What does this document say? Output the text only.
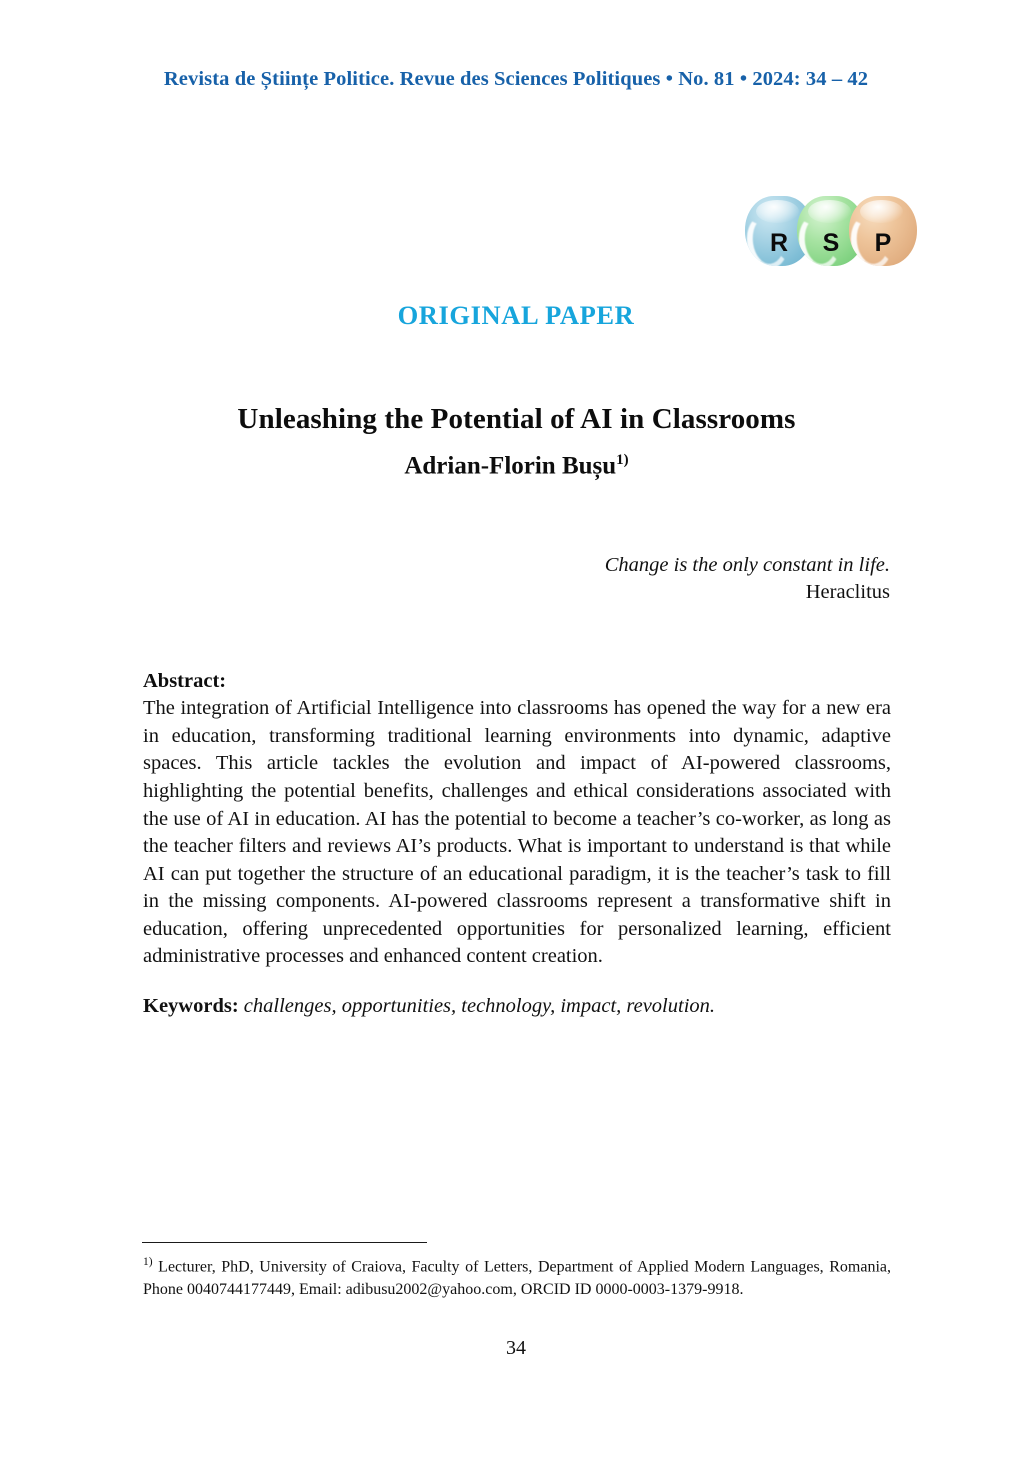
Revista de Științe Politice. Revue des Sciences Politiques • No. 81 • 2024: 34 – 42
R	S	P
ORIGINAL PAPER
Unleashing the Potential of AI in Classrooms
Adrian-Florin Bușu$^{1)}$
Change is the only constant in life.
Heraclitus
Abstract:

The integration of Artificial Intelligence into classrooms has opened the way for a new era in education, transforming traditional learning environments into dynamic, adaptive spaces. This article tackles the evolution and impact of AI-powered classrooms, highlighting the potential benefits, challenges and ethical considerations associated with the use of AI in education. AI has the potential to become a teacher’s co-worker, as long as the teacher filters and reviews AI’s products. What is important to understand is that while AI can put together the structure of an educational paradigm, it is the teacher’s task to fill in the missing components. AI-powered classrooms represent a transformative shift in education, offering unprecedented opportunities for personalized learning, efficient administrative processes and enhanced content creation.

Keywords: challenges, opportunities, technology, impact, revolution.
$^{1)}$ Lecturer, PhD, University of Craiova, Faculty of Letters, Department of Applied Modern Languages, Romania, Phone 0040744177449, Email: adibusu2002@yahoo.com, ORCID ID 0000-0003-1379-9918.
34
